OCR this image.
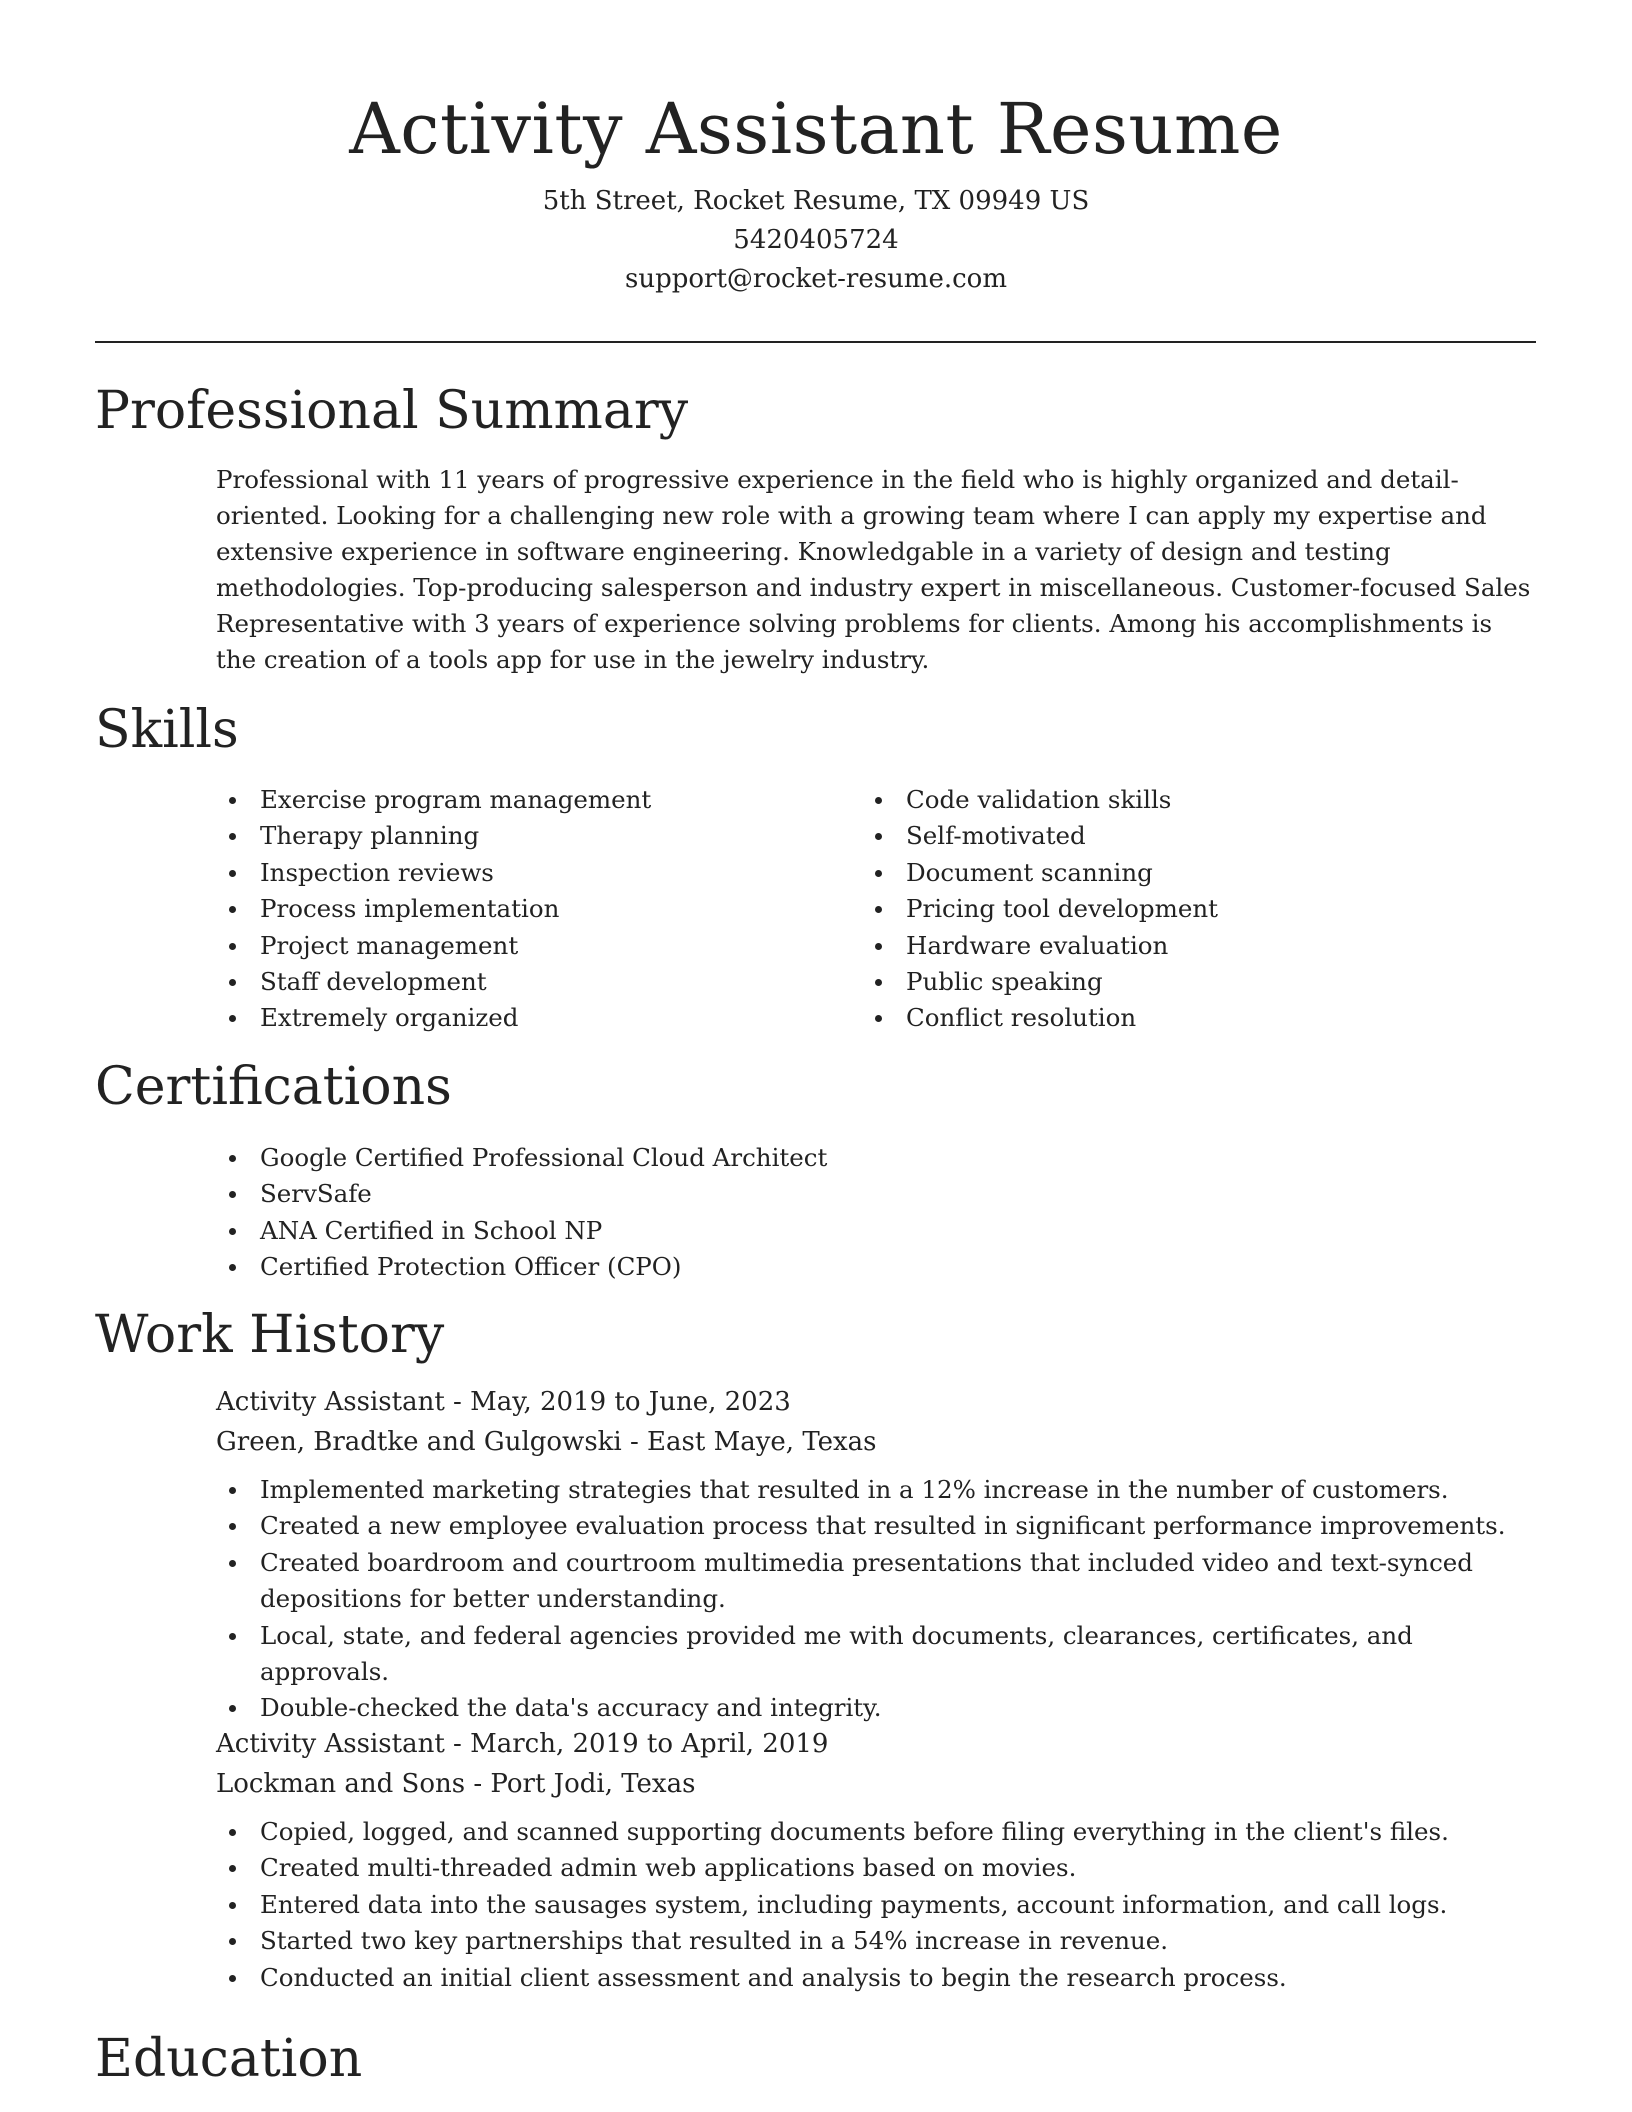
Activity Assistant Resume
5th Street, Rocket Resume, TX 09949 US
5420405724
support@rocket-resume.com
Professional Summary

Professional with 11 years of progressive experience in the field who is highly organized and detail-oriented. Looking for a challenging new role with a growing team where I can apply my expertise and extensive experience in software engineering. Knowledgable in a variety of design and testing methodologies. Top-producing salesperson and industry expert in miscellaneous. Customer-focused Sales Representative with 3 years of experience solving problems for clients. Among his accomplishments is the creation of a tools app for use in the jewelry industry.

Skills
Exercise program management
Therapy planning
Inspection reviews
Process implementation
Project management
Staff development
Extremely organized
Code validation skills
Self-motivated
Document scanning
Pricing tool development
Hardware evaluation
Public speaking
Conflict resolution
Certifications
Google Certified Professional Cloud Architect
ServSafe
ANA Certified in School NP
Certified Protection Officer (CPO)
Work History
Activity Assistant - May, 2019 to June, 2023
Green, Bradtke and Gulgowski - East Maye, Texas
Implemented marketing strategies that resulted in a 12% increase in the number of customers.
Created a new employee evaluation process that resulted in significant performance improvements.
Created boardroom and courtroom multimedia presentations that included video and text-synced depositions for better understanding.
Local, state, and federal agencies provided me with documents, clearances, certificates, and approvals.
Double-checked the data's accuracy and integrity.
Activity Assistant - March, 2019 to April, 2019
Lockman and Sons - Port Jodi, Texas
Copied, logged, and scanned supporting documents before filing everything in the client's files.
Created multi-threaded admin web applications based on movies.
Entered data into the sausages system, including payments, account information, and call logs.
Started two key partnerships that resulted in a 54% increase in revenue.
Conducted an initial client assessment and analysis to begin the research process.
Education
